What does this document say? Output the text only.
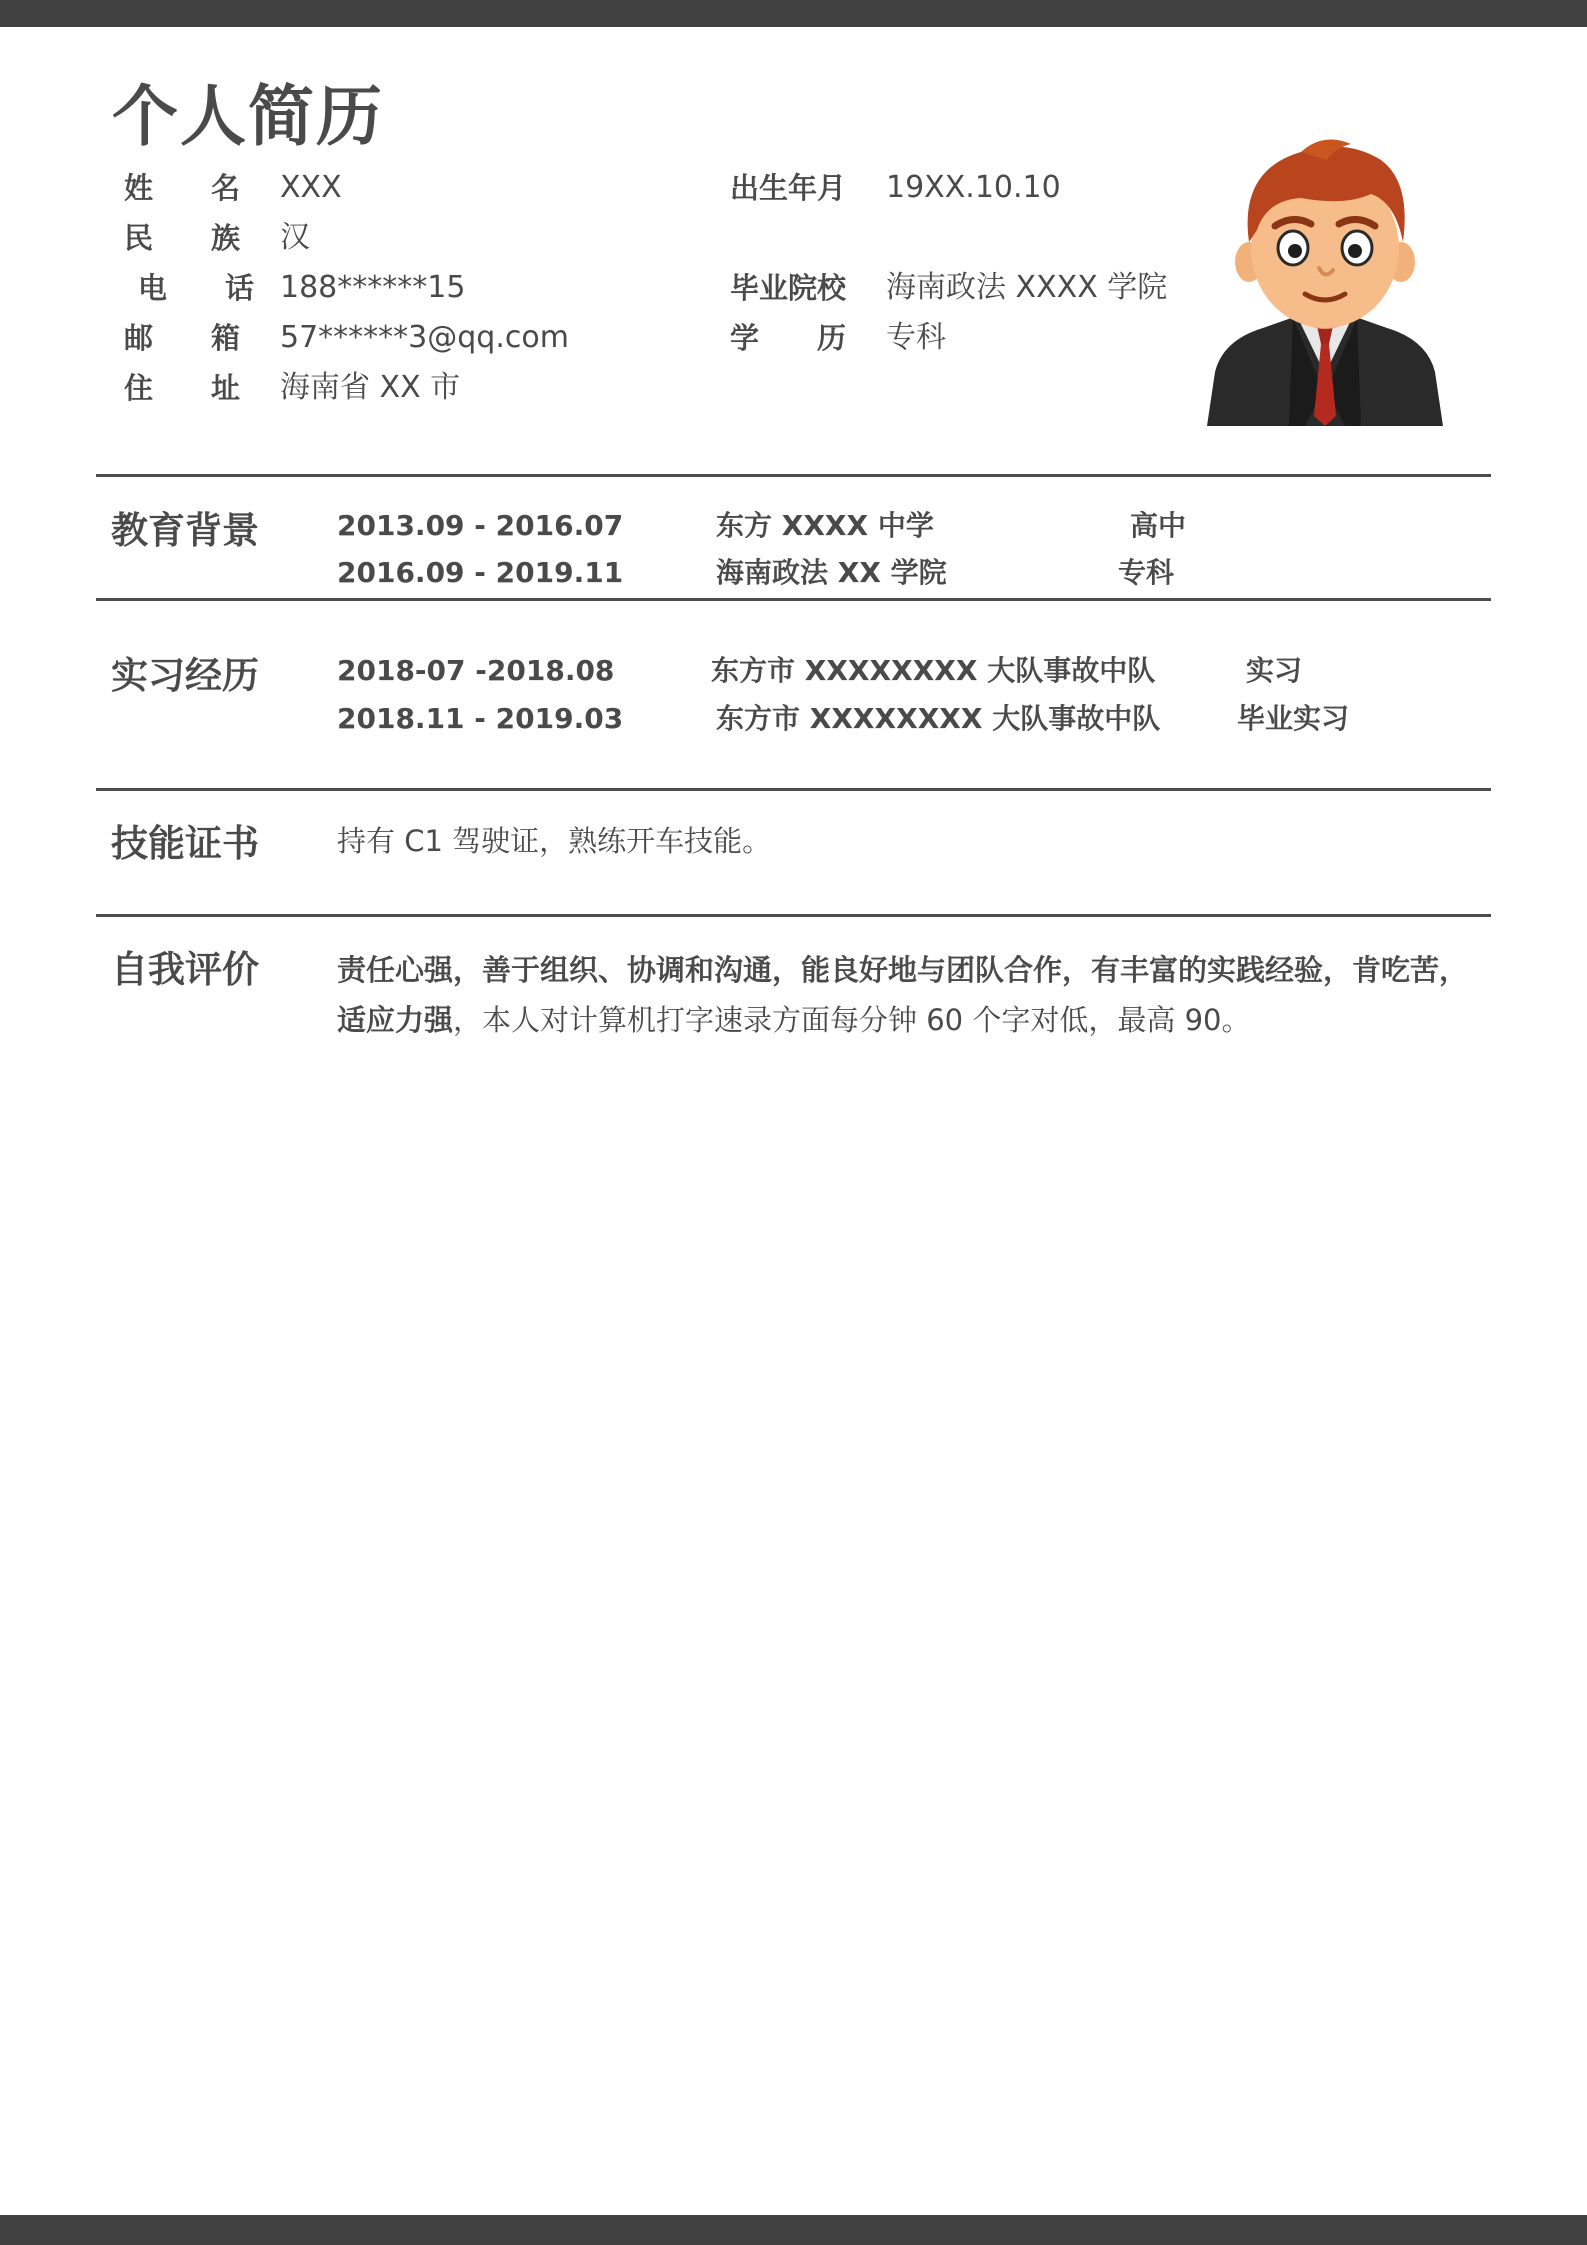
个人简历
姓　　名 XXX	出生年月 19XX.10.10
民　　族 汉
电　　话 188******15	毕业院校 海南政法 XXXX 学院
邮　　箱 57******3@qq.com	学　　历 专科
住　　址 海南省 XX 市
教育背景	2013.09 - 2016.07	东方 XXXX 中学	高中
2016.09 - 2019.11	海南政法 XX 学院	专科
实习经历	2018-07 -2018.08	东方市 XXXXXXXX 大队事故中队	实习
2018.11 - 2019.03	东方市 XXXXXXXX 大队事故中队	毕业实习
技能证书	持有 C1 驾驶证，熟练开车技能。
自我评价	责任心强，善于组织、协调和沟通，能良好地与团队合作，有丰富的实践经验，肯吃苦，
适应力强，本人对计算机打字速录方面每分钟 60 个字对低，最高 90。
